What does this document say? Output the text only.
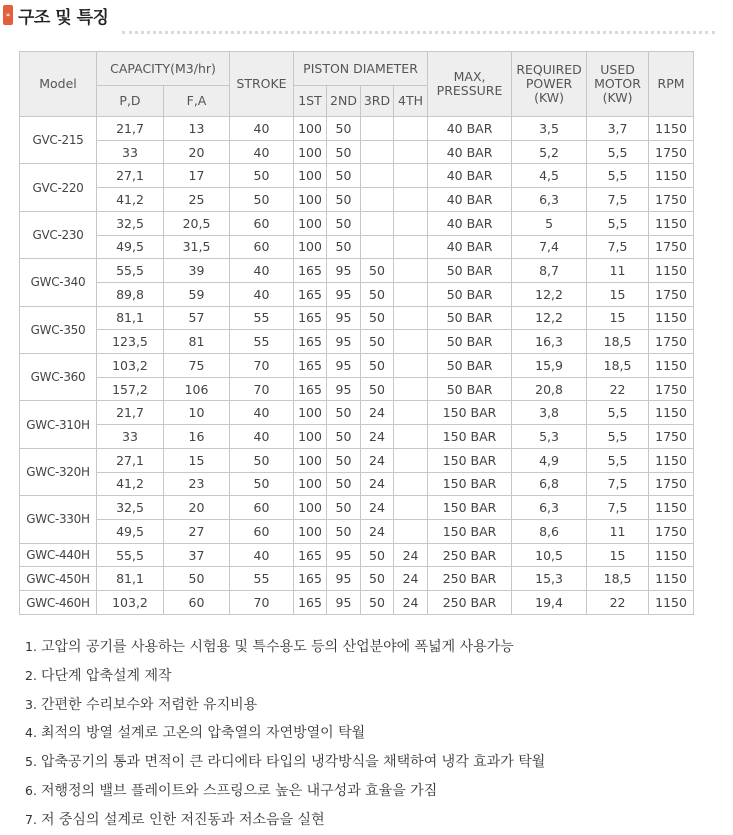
» 구조 및 특징
Model	CAPACITY(M3/hr)		STROKE	PISTON DIAMETER				MAX, PRESSURE	REQUIRED POWER (KW)	USED MOTOR (KW)	RPM
	P,D	F,A		1ST	2ND	3RD	4TH				
GVC-215	21,7	13	40	100	50			40 BAR	3,5	3,7	1150
	33	20	40	100	50			40 BAR	5,2	5,5	1750
GVC-220	27,1	17	50	100	50			40 BAR	4,5	5,5	1150
	41,2	25	50	100	50			40 BAR	6,3	7,5	1750
GVC-230	32,5	20,5	60	100	50			40 BAR	5	5,5	1150
	49,5	31,5	60	100	50			40 BAR	7,4	7,5	1750
GWC-340	55,5	39	40	165	95	50		50 BAR	8,7	11	1150
	89,8	59	40	165	95	50		50 BAR	12,2	15	1750
GWC-350	81,1	57	55	165	95	50		50 BAR	12,2	15	1150
	123,5	81	55	165	95	50		50 BAR	16,3	18,5	1750
GWC-360	103,2	75	70	165	95	50		50 BAR	15,9	18,5	1150
	157,2	106	70	165	95	50		50 BAR	20,8	22	1750
GWC-310H	21,7	10	40	100	50	24		150 BAR	3,8	5,5	1150
	33	16	40	100	50	24		150 BAR	5,3	5,5	1750
GWC-320H	27,1	15	50	100	50	24		150 BAR	4,9	5,5	1150
	41,2	23	50	100	50	24		150 BAR	6,8	7,5	1750
GWC-330H	32,5	20	60	100	50	24		150 BAR	6,3	7,5	1150
	49,5	27	60	100	50	24		150 BAR	8,6	11	1750
GWC-440H	55,5	37	40	165	95	50	24	250 BAR	10,5	15	1150
GWC-450H	81,1	50	55	165	95	50	24	250 BAR	15,3	18,5	1150
GWC-460H	103,2	60	70	165	95	50	24	250 BAR	19,4	22	1150
1. 고압의 공기를 사용하는 시험용 및 특수용도 등의 산업분야에 폭넓게 사용가능
2. 다단계 압축설계 제작
3. 간편한 수리보수와 저렴한 유지비용
4. 최적의 방열 설계로 고온의 압축열의 자연방열이 탁월
5. 압축공기의 통과 면적이 큰 라디에타 타입의 냉각방식을 채택하여 냉각 효과가 탁월
6. 저행정의 밸브 플레이트와 스프링으로 높은 내구성과 효율을 가짐
7. 저 중심의 설계로 인한 저진동과 저소음을 실현
